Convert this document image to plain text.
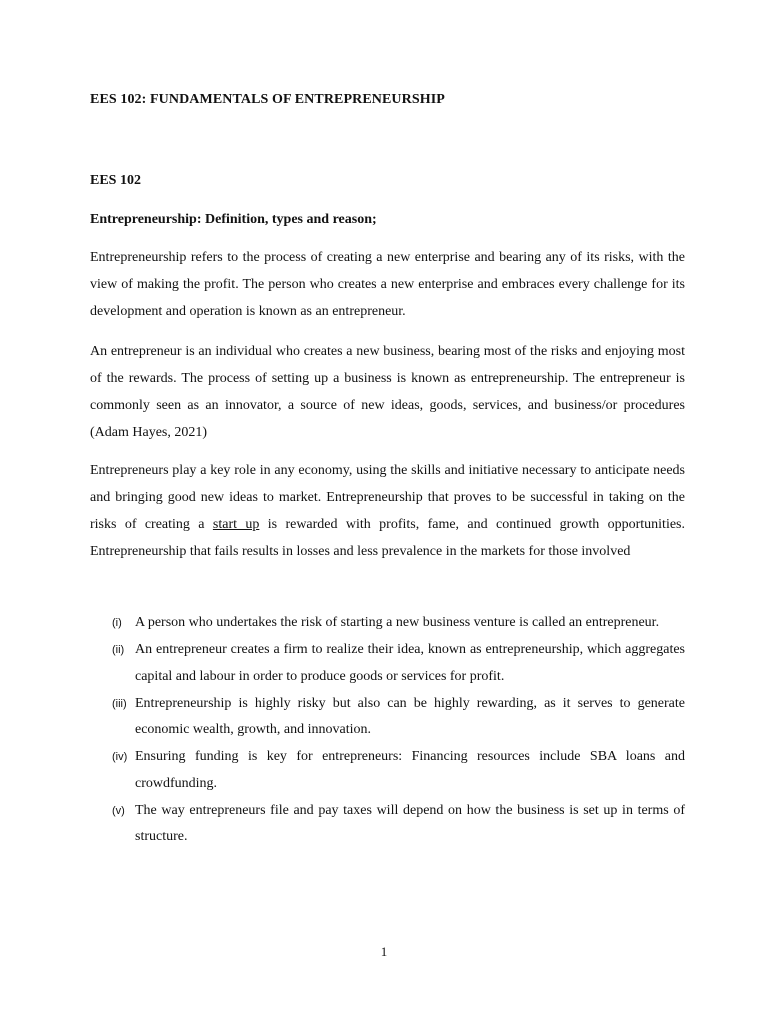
EES 102: FUNDAMENTALS OF ENTREPRENEURSHIP
EES 102
Entrepreneurship: Definition, types and reason;

Entrepreneurship refers to the process of creating a new enterprise and bearing any of its risks, with the view of making the profit. The person who creates a new enterprise and embraces every challenge for its development and operation is known as an entrepreneur.

An entrepreneur is an individual who creates a new business, bearing most of the risks and enjoying most of the rewards. The process of setting up a business is known as entrepreneurship. The entrepreneur is commonly seen as an innovator, a source of new ideas, goods, services, and business/or procedures (Adam Hayes, 2021)

Entrepreneurs play a key role in any economy, using the skills and initiative necessary to anticipate needs and bringing good new ideas to market. Entrepreneurship that proves to be successful in taking on the risks of creating a start up is rewarded with profits, fame, and continued growth opportunities. Entrepreneurship that fails results in losses and less prevalence in the markets for those involved

(i) A person who undertakes the risk of starting a new business venture is called an entrepreneur.
(ii) An entrepreneur creates a firm to realize their idea, known as entrepreneurship, which aggregates capital and labour in order to produce goods or services for profit.
(iii) Entrepreneurship is highly risky but also can be highly rewarding, as it serves to generate economic wealth, growth, and innovation.
(iv) Ensuring funding is key for entrepreneurs: Financing resources include SBA loans and crowdfunding.
(v) The way entrepreneurs file and pay taxes will depend on how the business is set up in terms of structure.
1
